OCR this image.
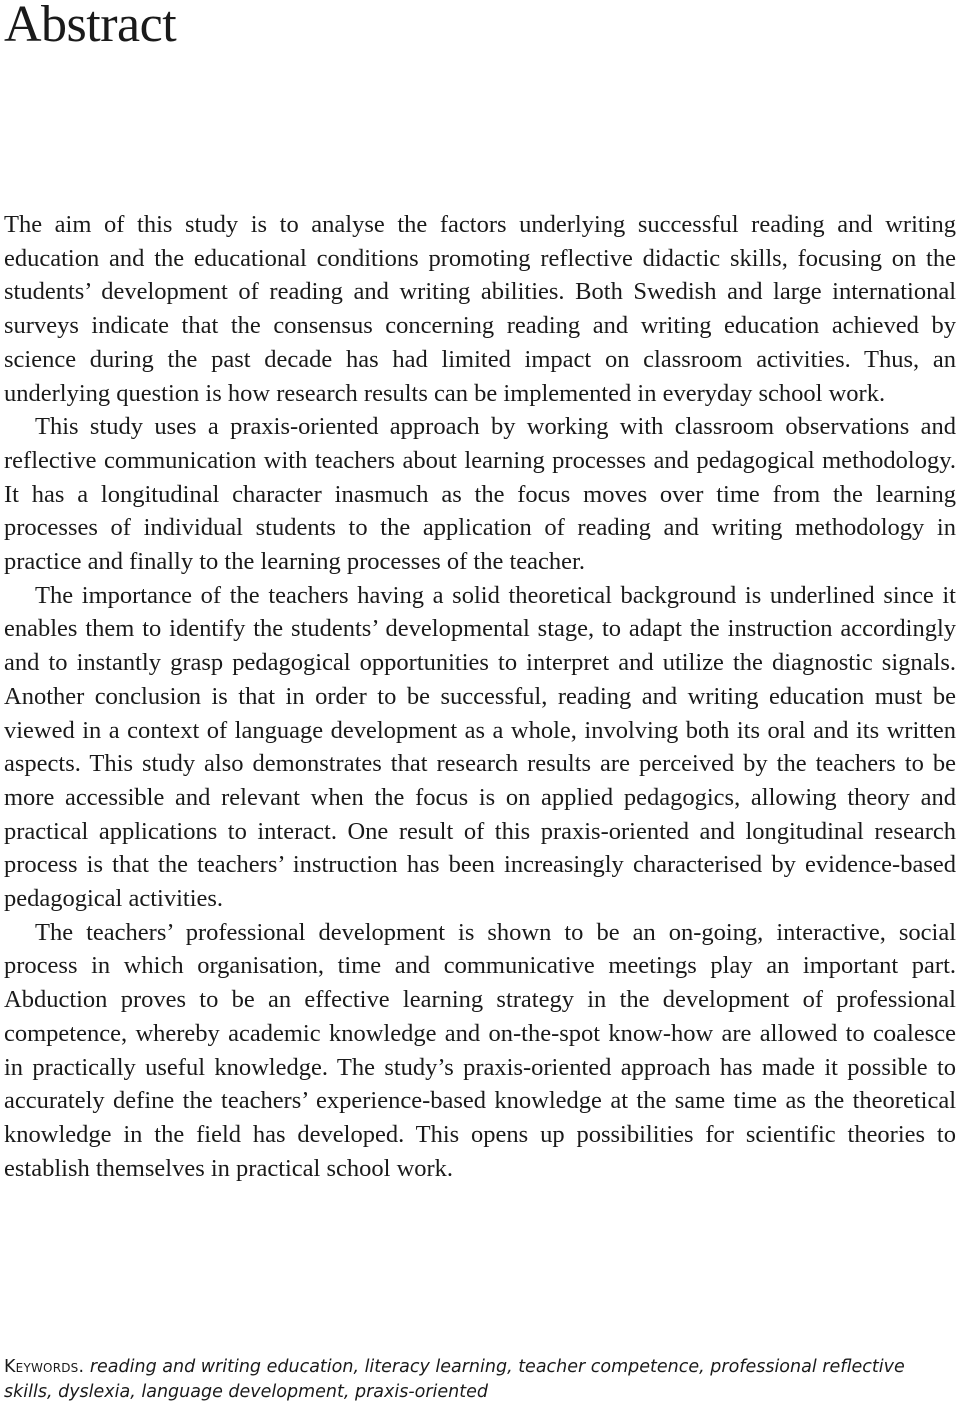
Abstract

The aim of this study is to analyse the factors underlying successful reading and writing education and the educational conditions promoting reflective didactic skills, focusing on the students’ development of reading and writing abilities. Both Swedish and large international surveys indicate that the consensus concerning reading and writing education achieved by science during the past decade has had limited impact on classroom activities. Thus, an underlying question is how research results can be implemented in everyday school work.

This study uses a praxis-oriented approach by working with classroom observations and reflective communication with teachers about learning processes and pedagogical methodology. It has a longitudinal character inasmuch as the focus moves over time from the learning processes of individual students to the application of reading and writing methodology in practice and finally to the learning processes of the teacher.

The importance of the teachers having a solid theoretical background is underlined since it enables them to identify the students’ developmental stage, to adapt the instruction accordingly and to instantly grasp pedagogical opportunities to interpret and utilize the diagnostic signals. Another conclusion is that in order to be successful, reading and writing education must be viewed in a context of language development as a whole, involving both its oral and its written aspects. This study also demonstrates that research results are perceived by the teachers to be more accessible and relevant when the focus is on applied pedagogics, allowing theory and practical applications to interact. One result of this praxis-oriented and longitudinal research process is that the teachers’ instruction has been increasingly characterised by evidence-based pedagogical activities.

The teachers’ professional development is shown to be an on-going, interactive, social process in which organisation, time and communicative meetings play an important part. Abduction proves to be an effective learning strategy in the development of professional competence, whereby academic knowledge and on-the-spot know-how are allowed to coalesce in practically useful knowledge. The study’s praxis-oriented approach has made it possible to accurately define the teachers’ experience-based knowledge at the same time as the theoretical knowledge in the field has developed. This opens up possibilities for scientific theories to establish themselves in practical school work.

Keywords. reading and writing education, literacy learning, teacher competence, professional reflective skills, dyslexia, language development, praxis-oriented
